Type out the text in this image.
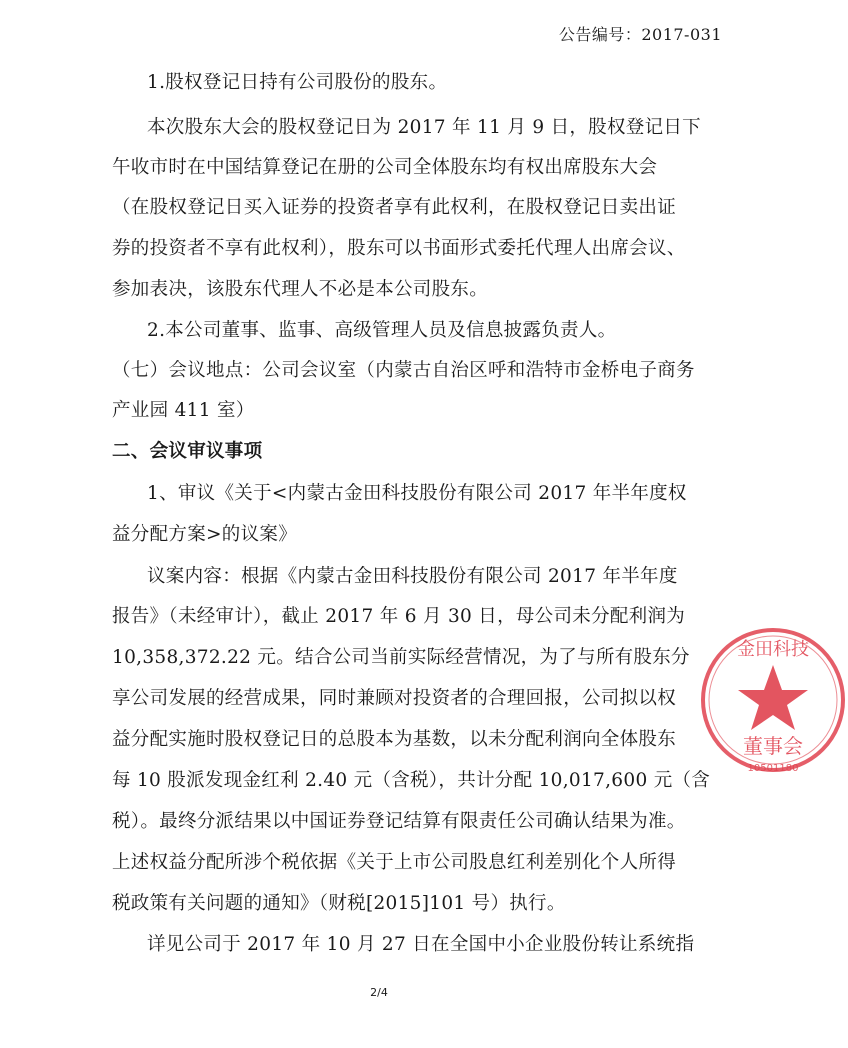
公告编号：2017-031
1.股权登记日持有公司股份的股东。
本次股东大会的股权登记日为 2017 年 11 月 9 日，股权登记日下
午收市时在中国结算登记在册的公司全体股东均有权出席股东大会
（在股权登记日买入证券的投资者享有此权利，在股权登记日卖出证
券的投资者不享有此权利），股东可以书面形式委托代理人出席会议、
参加表决，该股东代理人不必是本公司股东。
2.本公司董事、监事、高级管理人员及信息披露负责人。
（七）会议地点：公司会议室（内蒙古自治区呼和浩特市金桥电子商务
产业园 411 室）
二、会议审议事项
1、审议《关于<内蒙古金田科技股份有限公司 2017 年半年度权
益分配方案>的议案》
议案内容：根据《内蒙古金田科技股份有限公司 2017 年半年度
报告》（未经审计），截止 2017 年 6 月 30 日，母公司未分配利润为
10,358,372.22 元。结合公司当前实际经营情况，为了与所有股东分
享公司发展的经营成果，同时兼顾对投资者的合理回报，公司拟以权
益分配实施时股权登记日的总股本为基数，以未分配利润向全体股东
每 10 股派发现金红利 2.40 元（含税），共计分配 10,017,600 元（含
税）。最终分派结果以中国证券登记结算有限责任公司确认结果为准。
上述权益分配所涉个税依据《关于上市公司股息红利差别化个人所得
税政策有关问题的通知》（财税[2015]101 号）执行。
详见公司于 2017 年 10 月 27 日在全国中小企业股份转让系统指
金田科技
董事会
10501180
2/4
